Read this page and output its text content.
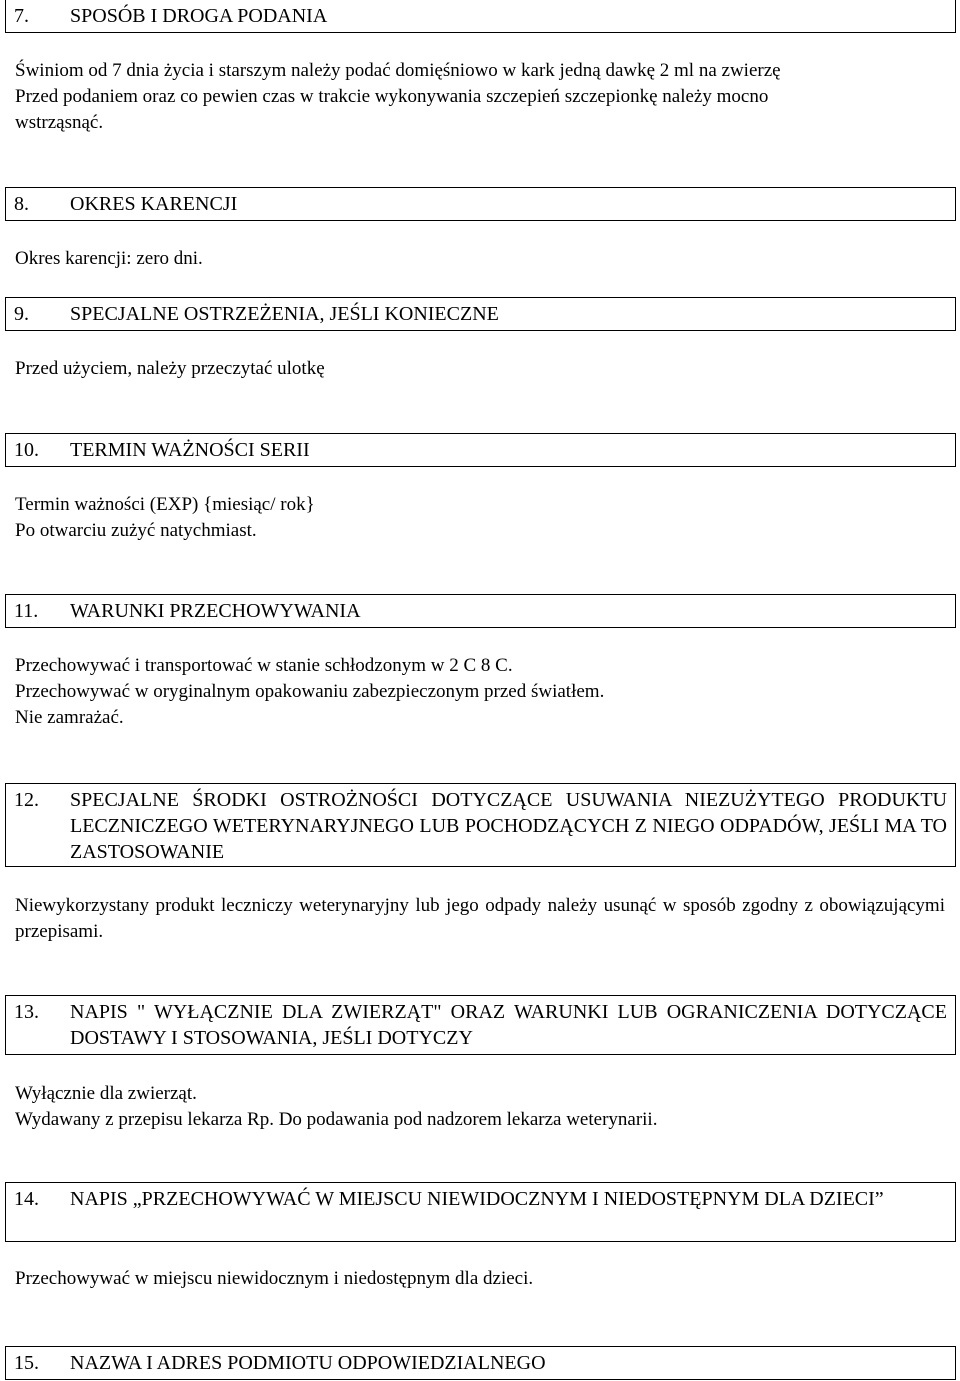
7.	SPOSÓB I DROGA PODANIA
Świniom od 7 dnia życia i starszym należy podać domięśniowo w kark jedną dawkę 2 ml na zwierzę
Przed podaniem oraz co pewien czas w trakcie wykonywania szczepień szczepionkę należy mocno
wstrząsnąć.
8.	OKRES KARENCJI
Okres karencji: zero dni.
9.	SPECJALNE OSTRZEŻENIA, JEŚLI KONIECZNE
Przed użyciem, należy przeczytać ulotkę
10.	TERMIN WAŻNOŚCI SERII
Termin ważności (EXP) {miesiąc/ rok}
Po otwarciu zużyć natychmiast.
11.	WARUNKI PRZECHOWYWANIA
Przechowywać i transportować w stanie schłodzonym w 2 C 8 C.
Przechowywać w oryginalnym opakowaniu zabezpieczonym przed światłem.
Nie zamrażać.
12.	SPECJALNE ŚRODKI OSTROŻNOŚCI DOTYCZĄCE USUWANIA NIEZUŻYTEGO PRODUKTU LECZNICZEGO WETERYNARYJNEGO LUB POCHODZĄCYCH Z NIEGO ODPADÓW, JEŚLI MA TO ZASTOSOWANIE
Niewykorzystany produkt leczniczy weterynaryjny lub jego odpady należy usunąć w sposób zgodny z obowiązującymi przepisami.
13.	NAPIS " WYŁĄCZNIE DLA ZWIERZĄT" ORAZ WARUNKI LUB OGRANICZENIA DOTYCZĄCE DOSTAWY I STOSOWANIA, JEŚLI DOTYCZY
Wyłącznie dla zwierząt.
Wydawany z przepisu lekarza Rp. Do podawania pod nadzorem lekarza weterynarii.
14.	NAPIS „PRZECHOWYWAĆ W MIEJSCU NIEWIDOCZNYM I NIEDOSTĘPNYM DLA DZIECI”
Przechowywać w miejscu niewidocznym i niedostępnym dla dzieci.
15.	NAZWA I ADRES PODMIOTU ODPOWIEDZIALNEGO
